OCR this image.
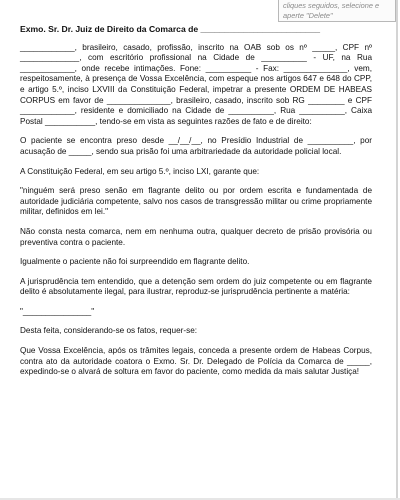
cliques seguidos, selecione e
aperte "Delete"
Exmo. Sr. Dr. Juiz de Direito da Comarca de _________________________

____________, brasileiro, casado, profissão, inscrito na OAB sob os nº _____, CPF nº _____________, com escritório profissional na Cidade de __________ - UF, na Rua ____________, onde recebe intimações. Fone: __________ - Fax: ______________, vem, respeitosamente, à presença de Vossa Excelência, com espeque nos artigos 647 e 648 do CPP, e artigo 5.º, inciso LXVIII da Constituição Federal, impetrar a presente ORDEM DE HABEAS CORPUS em favor de ______________, brasileiro, casado, inscrito sob RG ________ e CPF ____________, residente e domiciliado na Cidade de __________, Rua __________, Caixa Postal ___________, tendo-se em vista as seguintes razões de fato e de direito:

O paciente se encontra preso desde __/__/__, no Presídio Industrial de __________, por acusação de _____, sendo sua prisão foi uma arbitrariedade da autoridade policial local.

A Constituição Federal, em seu artigo 5.º, inciso LXI, garante que:

"ninguém será preso senão em flagrante delito ou por ordem escrita e fundamentada de autoridade judiciária competente, salvo nos casos de transgressão militar ou crime propriamente militar, definidos em lei."

Não consta nesta comarca, nem em nenhuma outra, qualquer decreto de prisão provisória ou preventiva contra o paciente.

Igualmente o paciente não foi surpreendido em flagrante delito.

A jurisprudência tem entendido, que a detenção sem ordem do juiz competente ou em flagrante delito é absolutamente ilegal, para ilustrar, reproduz-se jurisprudência pertinente a matéria:

"_______________"

Desta feita, considerando-se os fatos, requer-se:

Que Vossa Excelência, após os trâmites legais, conceda a presente ordem de Habeas Corpus, contra ato da autoridade coatora o Exmo. Sr. Dr. Delegado de Polícia da Comarca de _____, expedindo-se o alvará de soltura em favor do paciente, como medida da mais salutar Justiça!
